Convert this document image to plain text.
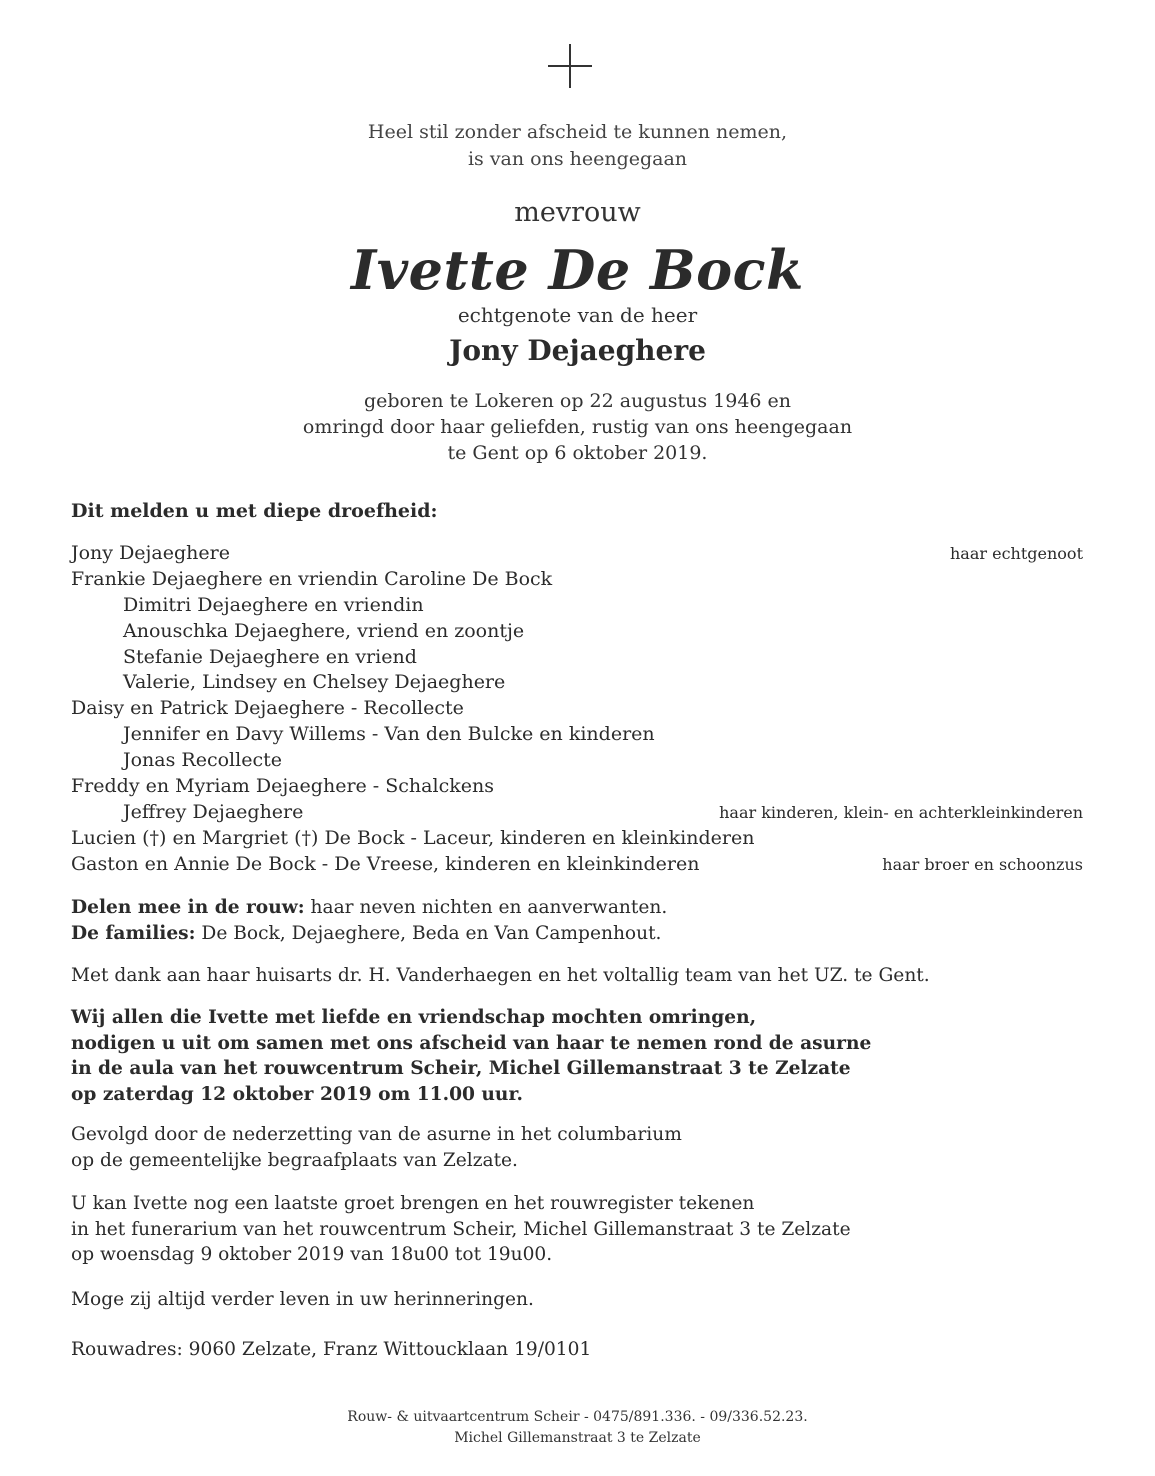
Heel stil zonder afscheid te kunnen nemen,
is van ons heengegaan
mevrouw
Ivette De Bock
echtgenote van de heer
Jony Dejaeghere
geboren te Lokeren op 22 augustus 1946 en
omringd door haar geliefden, rustig van ons heengegaan
te Gent op 6 oktober 2019.
Dit melden u met diepe droefheid:
Jony Dejaeghere	haar echtgenoot
Frankie Dejaeghere en vriendin Caroline De Bock
Dimitri Dejaeghere en vriendin
Anouschka Dejaeghere, vriend en zoontje
Stefanie Dejaeghere en vriend
Valerie, Lindsey en Chelsey Dejaeghere
Daisy en Patrick Dejaeghere - Recollecte
Jennifer en Davy Willems - Van den Bulcke en kinderen
Jonas Recollecte
Freddy en Myriam Dejaeghere - Schalckens
Jeffrey Dejaeghere	haar kinderen, klein- en achterkleinkinderen
Lucien (†) en Margriet (†) De Bock - Laceur, kinderen en kleinkinderen
Gaston en Annie De Bock - De Vreese, kinderen en kleinkinderen	haar broer en schoonzus

Delen mee in de rouw: haar neven nichten en aanverwanten.

De families: De Bock, Dejaeghere, Beda en Van Campenhout.

Met dank aan haar huisarts dr. H. Vanderhaegen en het voltallig team van het UZ. te Gent.

Wij allen die Ivette met liefde en vriendschap mochten omringen,

nodigen u uit om samen met ons afscheid van haar te nemen rond de asurne

in de aula van het rouwcentrum Scheir, Michel Gillemanstraat 3 te Zelzate

op zaterdag 12 oktober 2019 om 11.00 uur.

Gevolgd door de nederzetting van de asurne in het columbarium

op de gemeentelijke begraafplaats van Zelzate.

U kan Ivette nog een laatste groet brengen en het rouwregister tekenen

in het funerarium van het rouwcentrum Scheir, Michel Gillemanstraat 3 te Zelzate

op woensdag 9 oktober 2019 van 18u00 tot 19u00.

Moge zij altijd verder leven in uw herinneringen.

Rouwadres: 9060 Zelzate, Franz Wittoucklaan 19/0101

Rouw- & uitvaartcentrum Scheir - 0475/891.336. - 09/336.52.23.
Michel Gillemanstraat 3 te Zelzate
